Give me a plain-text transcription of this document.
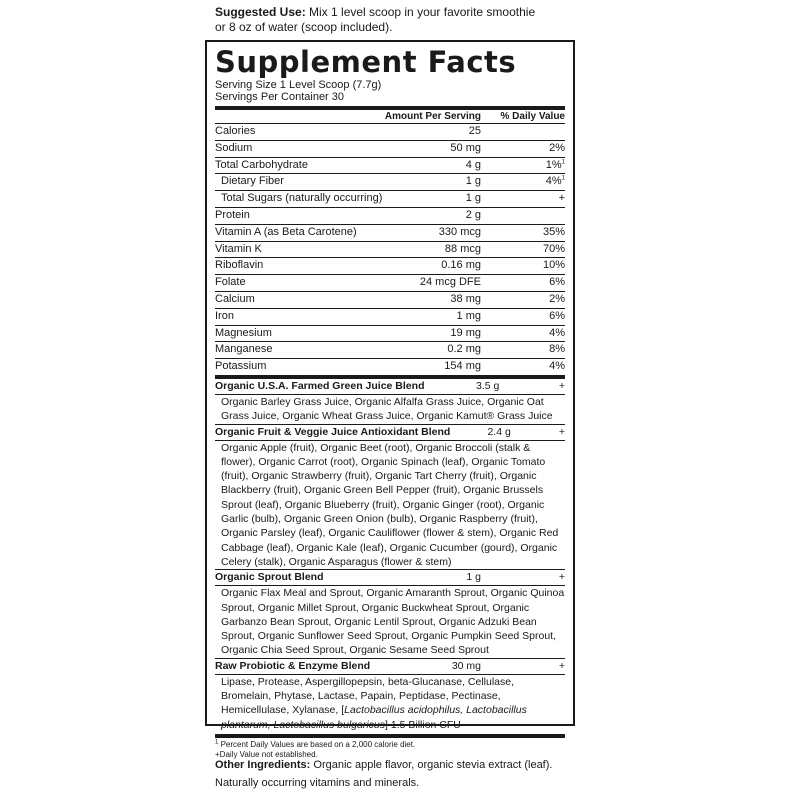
Suggested Use: Mix 1 level scoop in your favorite smoothie
or 8 oz of water (scoop included).
Supplement Facts
Serving Size 1 Level Scoop (7.7g)
Servings Per Container 30
Amount Per Serving	% Daily Value
Calories	25
Sodium	50 mg	2%
Total Carbohydrate	4 g	1%$^1$
Dietary Fiber	1 g	4%$^1$
Total Sugars (naturally occurring)	1 g	+
Protein	2 g
Vitamin A (as Beta Carotene)	330 mcg	35%
Vitamin K	88 mcg	70%
Riboflavin	0.16 mg	10%
Folate	24 mcg DFE	6%
Calcium	38 mg	2%
Iron	1 mg	6%
Magnesium	19 mg	4%
Manganese	0.2 mg	8%
Potassium	154 mg	4%
Organic U.S.A. Farmed Green Juice Blend	3.5 g	+
Organic Barley Grass Juice, Organic Alfalfa Grass Juice, Organic Oat Grass Juice, Organic Wheat Grass Juice, Organic Kamut® Grass Juice
Organic Fruit & Veggie Juice Antioxidant Blend	2.4 g	+
Organic Apple (fruit), Organic Beet (root), Organic Broccoli (stalk & flower), Organic Carrot (root), Organic Spinach (leaf), Organic Tomato (fruit), Organic Strawberry (fruit), Organic Tart Cherry (fruit), Organic Blackberry (fruit), Organic Green Bell Pepper (fruit), Organic Brussels Sprout (leaf), Organic Blueberry (fruit), Organic Ginger (root), Organic Garlic (bulb), Organic Green Onion (bulb), Organic Raspberry (fruit), Organic Parsley (leaf), Organic Cauliflower (flower & stem), Organic Red Cabbage (leaf), Organic Kale (leaf), Organic Cucumber (gourd), Organic Celery (stalk), Organic Asparagus (flower & stem)
Organic Sprout Blend	1 g	+
Organic Flax Meal and Sprout, Organic Amaranth Sprout, Organic Quinoa Sprout, Organic Millet Sprout, Organic Buckwheat Sprout, Organic Garbanzo Bean Sprout, Organic Lentil Sprout, Organic Adzuki Bean Sprout, Organic Sunflower Seed Sprout, Organic Pumpkin Seed Sprout, Organic Chia Seed Sprout, Organic Sesame Seed Sprout
Raw Probiotic & Enzyme Blend	30 mg	+
Lipase, Protease, Aspergillopepsin, beta-Glucanase, Cellulase, Bromelain, Phytase, Lactase, Papain, Peptidase, Pectinase, Hemicellulase, Xylanase, [Lactobacillus acidophilus, Lactobacillus plantarum, Lactobacillus bulgaricus] 1.5 Billion CFU
$^1$ Percent Daily Values are based on a 2,000 calorie diet.
+Daily Value not established.
Other Ingredients: Organic apple flavor, organic stevia extract (leaf).
Naturally occurring vitamins and minerals.
